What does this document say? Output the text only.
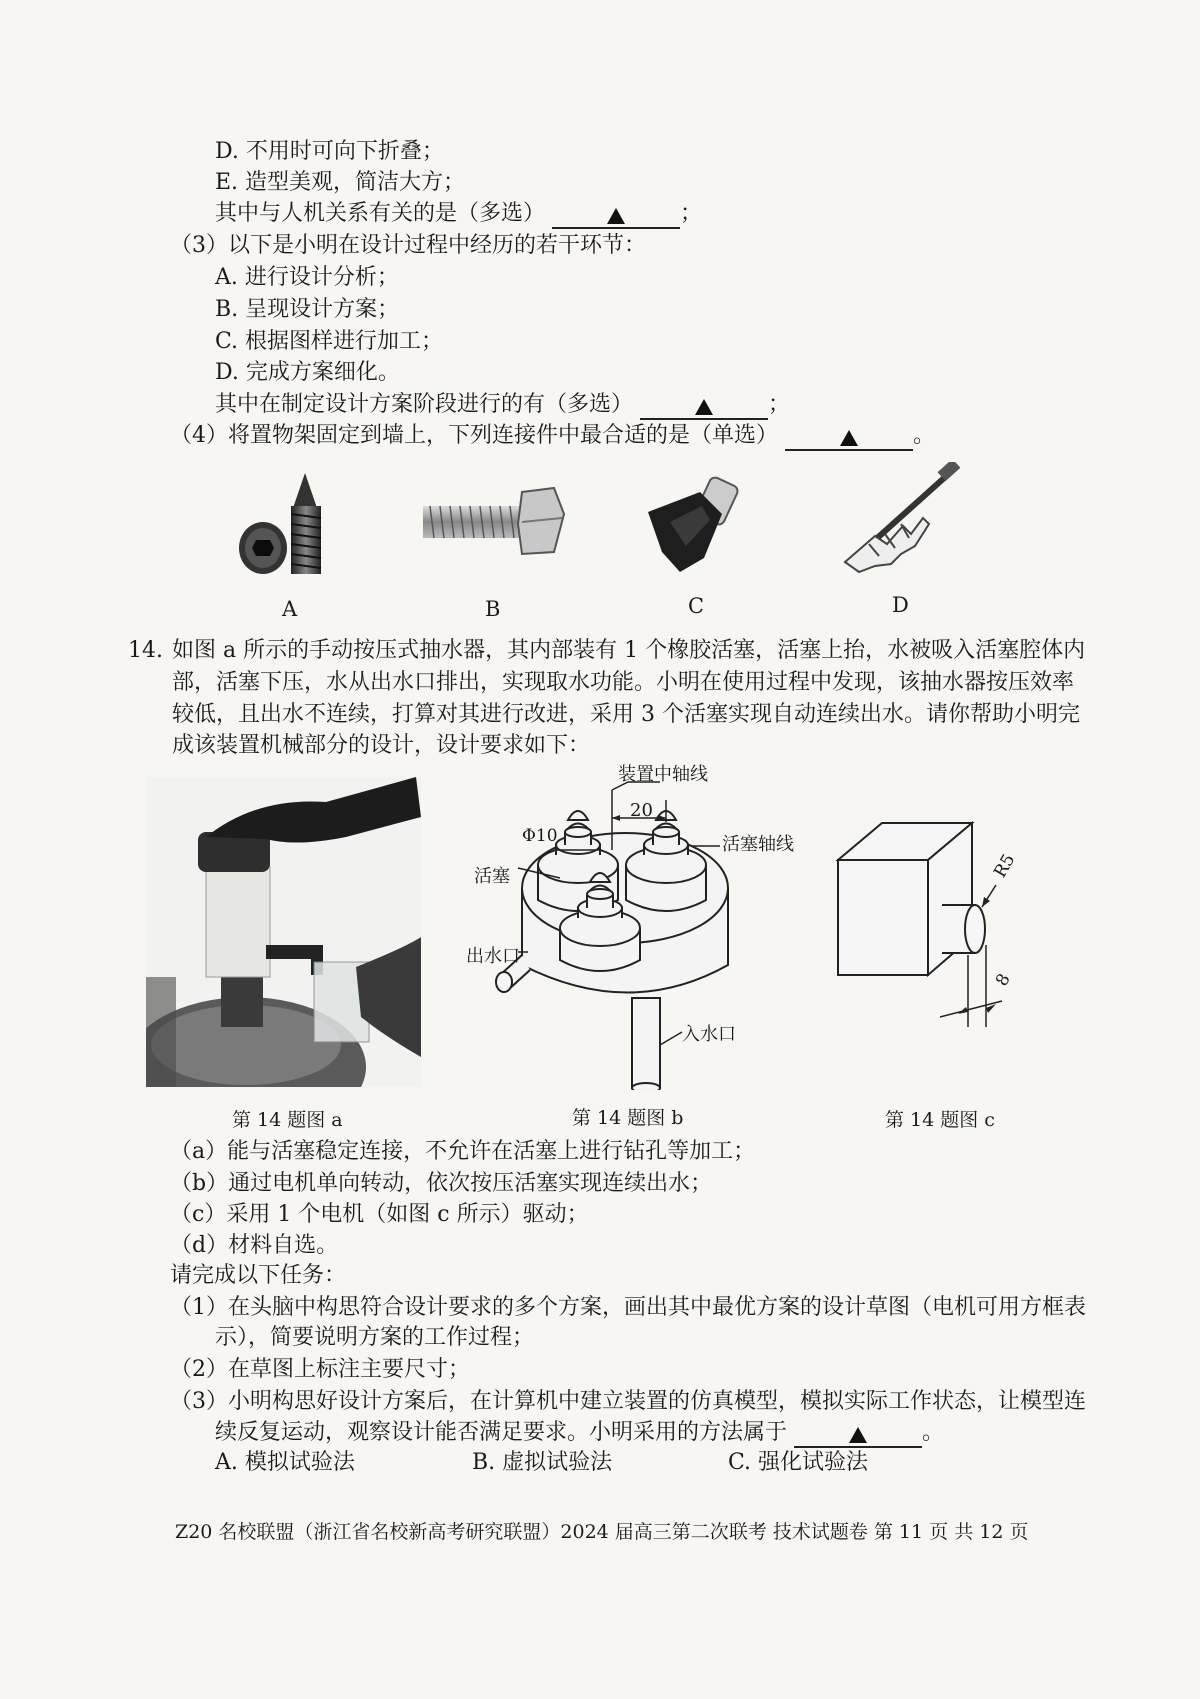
D. 不用时可向下折叠；
E. 造型美观，简洁大方；
其中与人机关系有关的是（多选）	；
（3）以下是小明在设计过程中经历的若干环节：
A. 进行设计分析；
B. 呈现设计方案；
C. 根据图样进行加工；
D. 完成方案细化。
其中在制定设计方案阶段进行的有（多选）	；
（4）将置物架固定到墙上，下列连接件中最合适的是（单选）	。
A	B	C	D
14. 如图 a 所示的手动按压式抽水器，其内部装有 1 个橡胶活塞，活塞上抬，水被吸入活塞腔体内
部，活塞下压，水从出水口排出，实现取水功能。小明在使用过程中发现，该抽水器按压效率
较低，且出水不连续，打算对其进行改进，采用 3 个活塞实现自动连续出水。请你帮助小明完
成该装置机械部分的设计，设计要求如下：
装置中轴线
20
Φ10	活塞轴线
活塞
出水口
入水口
R5
8
第 14 题图 a	第 14 题图 b	第 14 题图 c
（a）能与活塞稳定连接，不允许在活塞上进行钻孔等加工；
（b）通过电机单向转动，依次按压活塞实现连续出水；
（c）采用 1 个电机（如图 c 所示）驱动；
（d）材料自选。
请完成以下任务：
（1）在头脑中构思符合设计要求的多个方案，画出其中最优方案的设计草图（电机可用方框表
示），简要说明方案的工作过程；
（2）在草图上标注主要尺寸；
（3）小明构思好设计方案后，在计算机中建立装置的仿真模型，模拟实际工作状态，让模型连
续反复运动，观察设计能否满足要求。小明采用的方法属于	。
A. 模拟试验法	B. 虚拟试验法	C. 强化试验法
Z20 名校联盟（浙江省名校新高考研究联盟）2024 届高三第二次联考 技术试题卷 第 11 页 共 12 页
